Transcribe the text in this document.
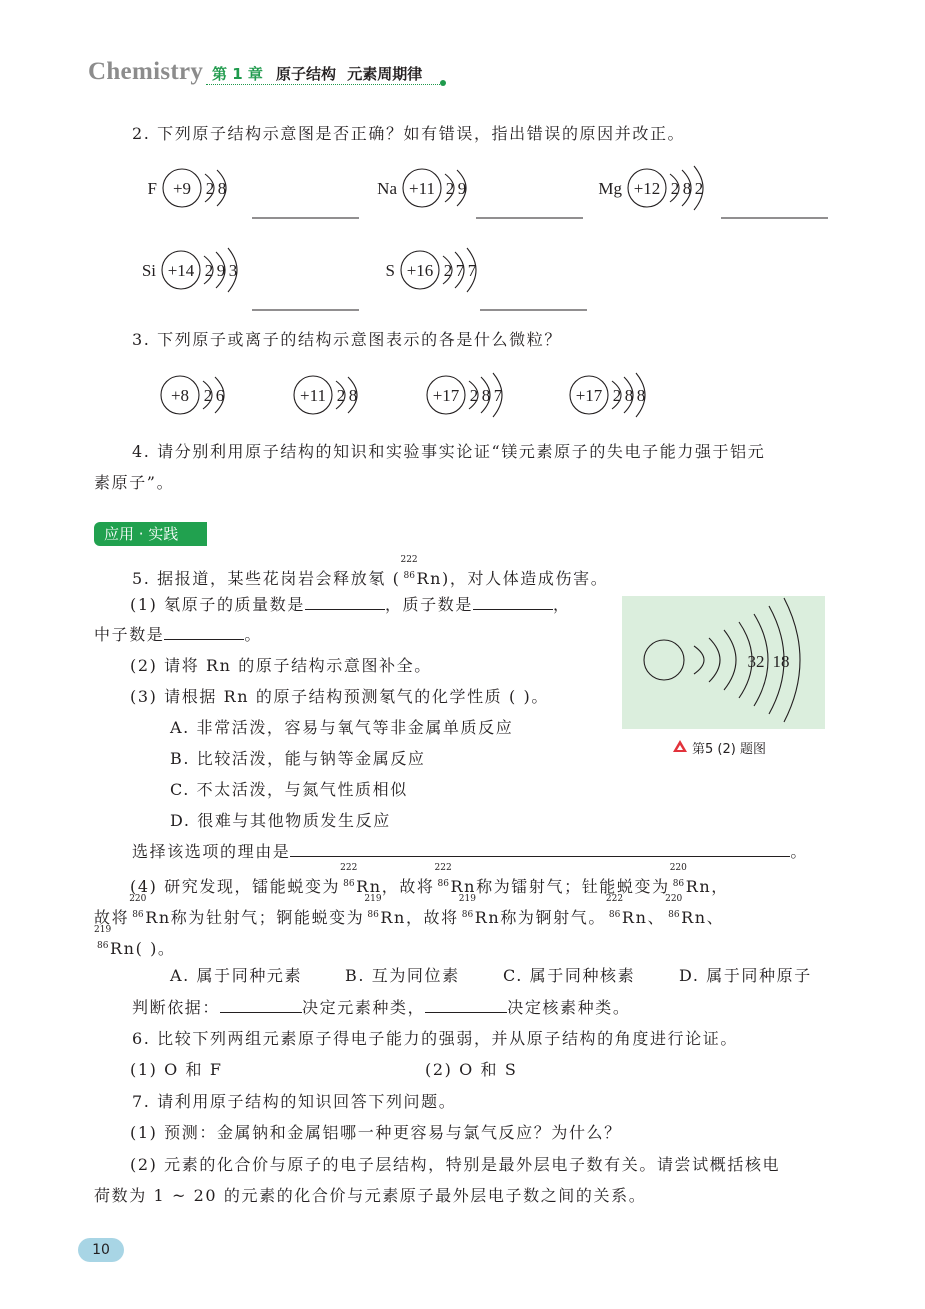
Chemistry 第 1 章 原子结构 元素周期律
2. 下列原子结构示意图是否正确？如有错误，指出错误的原因并改正。
3. 下列原子或离子的结构示意图表示的各是什么微粒？
4. 请分别利用原子结构的知识和实验事实论证“镁元素原子的失电子能力强于铝元
素原子”。
应用 · 实践
5. 据报道，某些花岗岩会释放氡 (
222
86 Rn)，对人体造成伤害。
(1) 氡原子的质量数是	，质子数是	，
中子数是	。
(2) 请将 Rn 的原子结构示意图补全。
(3) 请根据 Rn 的原子结构预测氡气的化学性质 ( )。
A. 非常活泼，容易与氧气等非金属单质反应
B. 比较活泼，能与钠等金属反应
C. 不太活泼，与氮气性质相似
D. 很难与其他物质发生反应
选择该选项的理由是	。
(4) 研究发现，镭能蜕变为
222
86 Rn，故将
222
86 Rn称为镭射气；钍能蜕变为
220
86 Rn，
故将
220
86 Rn称为钍射气；锕能蜕变为
219
86 Rn，故将
219
86 Rn称为锕射气。
222
86 Rn、
220
86 Rn、
219
86 Rn( )。
A. 属于同种元素	B. 互为同位素	C. 属于同种核素	D. 属于同种原子
判断依据：	决定元素种类，	决定核素种类。
6. 比较下列两组元素原子得电子能力的强弱，并从原子结构的角度进行论证。
(1) O 和 F	(2) O 和 S
7. 请利用原子结构的知识回答下列问题。
(1) 预测：金属钠和金属铝哪一种更容易与氯气反应？为什么？
(2) 元素的化合价与原子的电子层结构，特别是最外层电子数有关。请尝试概括核电
荷数为 1 ~ 20 的元素的化合价与元素原子最外层电子数之间的关系。
第5 (2) 题图
10
F +9 2 8	Na +11 2 9	Mg +12 2 8 2
Si +14 2 9 3	S +16 2 7 7
+8 2 6	+11 2 8	+17 2 8 7	+17 2 8 8
32 18
